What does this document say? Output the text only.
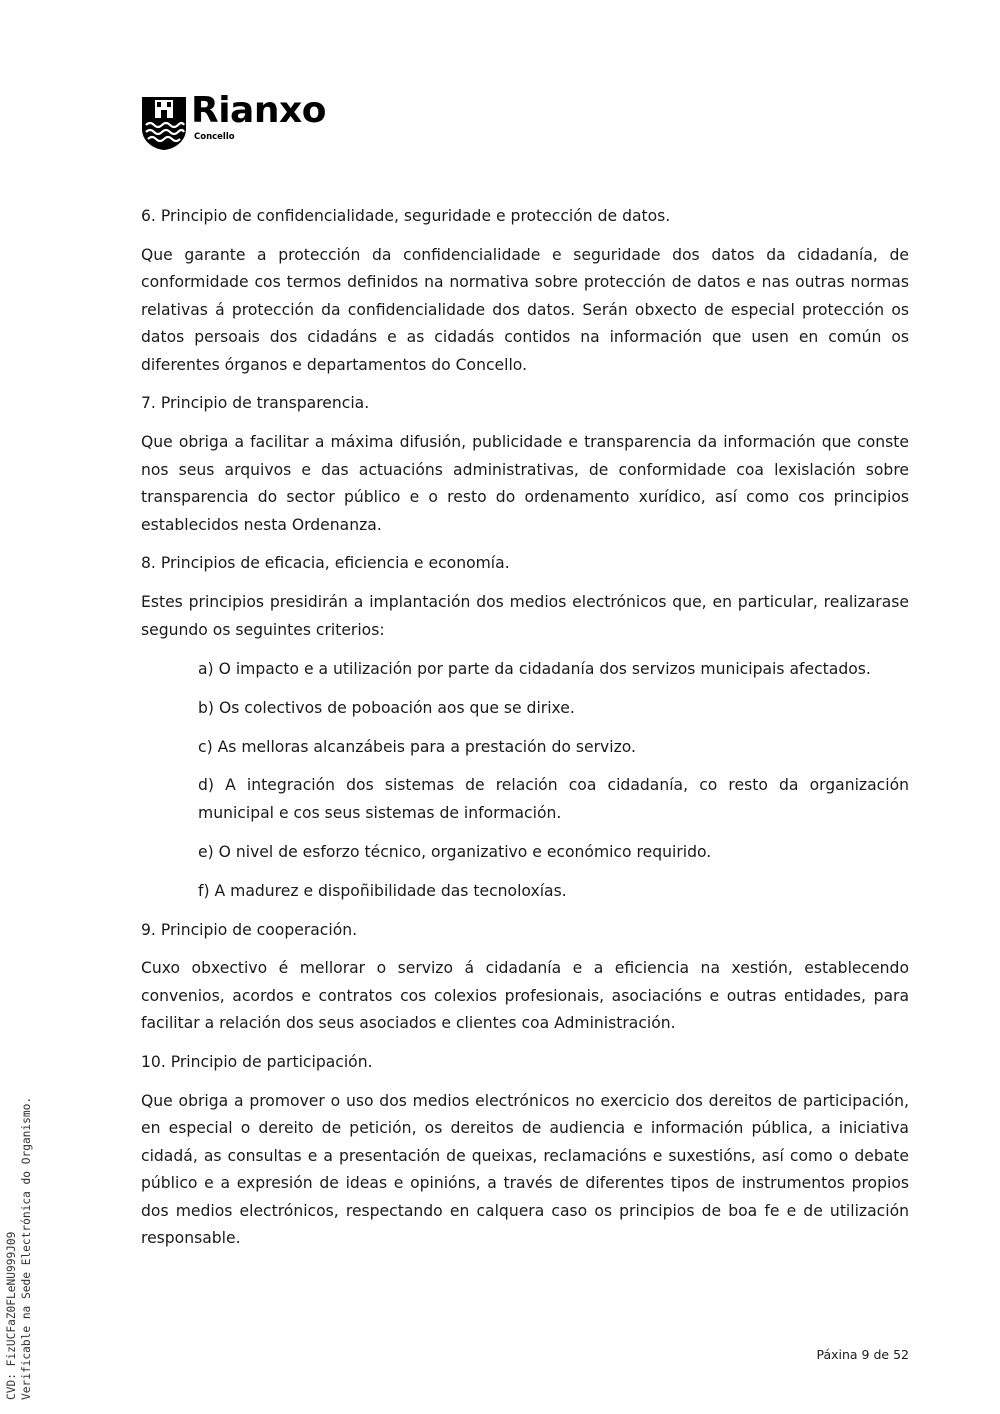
Rianxo
Concello

6. Principio de confidencialidade, seguridade e protección de datos.

Que garante a protección da confidencialidade e seguridade dos datos da cidadanía, de conformidade cos termos definidos na normativa sobre protección de datos e nas outras normas relativas á protección da confidencialidade dos datos. Serán obxecto de especial protección os datos persoais dos cidadáns e as cidadás contidos na información que usen en común os diferentes órganos e departamentos do Concello.

7. Principio de transparencia.

Que obriga a facilitar a máxima difusión, publicidade e transparencia da información que conste nos seus arquivos e das actuacións administrativas, de conformidade coa lexislación sobre transparencia do sector público e o resto do ordenamento xurídico, así como cos principios establecidos nesta Ordenanza.

8. Principios de eficacia, eficiencia e economía.

Estes principios presidirán a implantación dos medios electrónicos que, en particular, realizarase segundo os seguintes criterios:

a) O impacto e a utilización por parte da cidadanía dos servizos municipais afectados.

b) Os colectivos de poboación aos que se dirixe.

c) As melloras alcanzábeis para a prestación do servizo.

d) A integración dos sistemas de relación coa cidadanía, co resto da organización municipal e cos seus sistemas de información.

e) O nivel de esforzo técnico, organizativo e económico requirido.

f) A madurez e dispoñibilidade das tecnoloxías.

9. Principio de cooperación.

Cuxo obxectivo é mellorar o servizo á cidadanía e a eficiencia na xestión, establecendo convenios, acordos e contratos cos colexios profesionais, asociacións e outras entidades, para facilitar a relación dos seus asociados e clientes coa Administración.

10. Principio de participación.

Que obriga a promover o uso dos medios electrónicos no exercicio dos dereitos de participación, en especial o dereito de petición, os dereitos de audiencia e información pública, a iniciativa cidadá, as consultas e a presentación de queixas, reclamacións e suxestións, así como o debate público e a expresión de ideas e opinións, a través de diferentes tipos de instrumentos propios dos medios electrónicos, respectando en calquera caso os principios de boa fe e de utilización responsable.

Páxina 9 de 52
CVD: FizUCFaZ0FLeNU999J09 Verificable na Sede Electrónica do Organismo.
